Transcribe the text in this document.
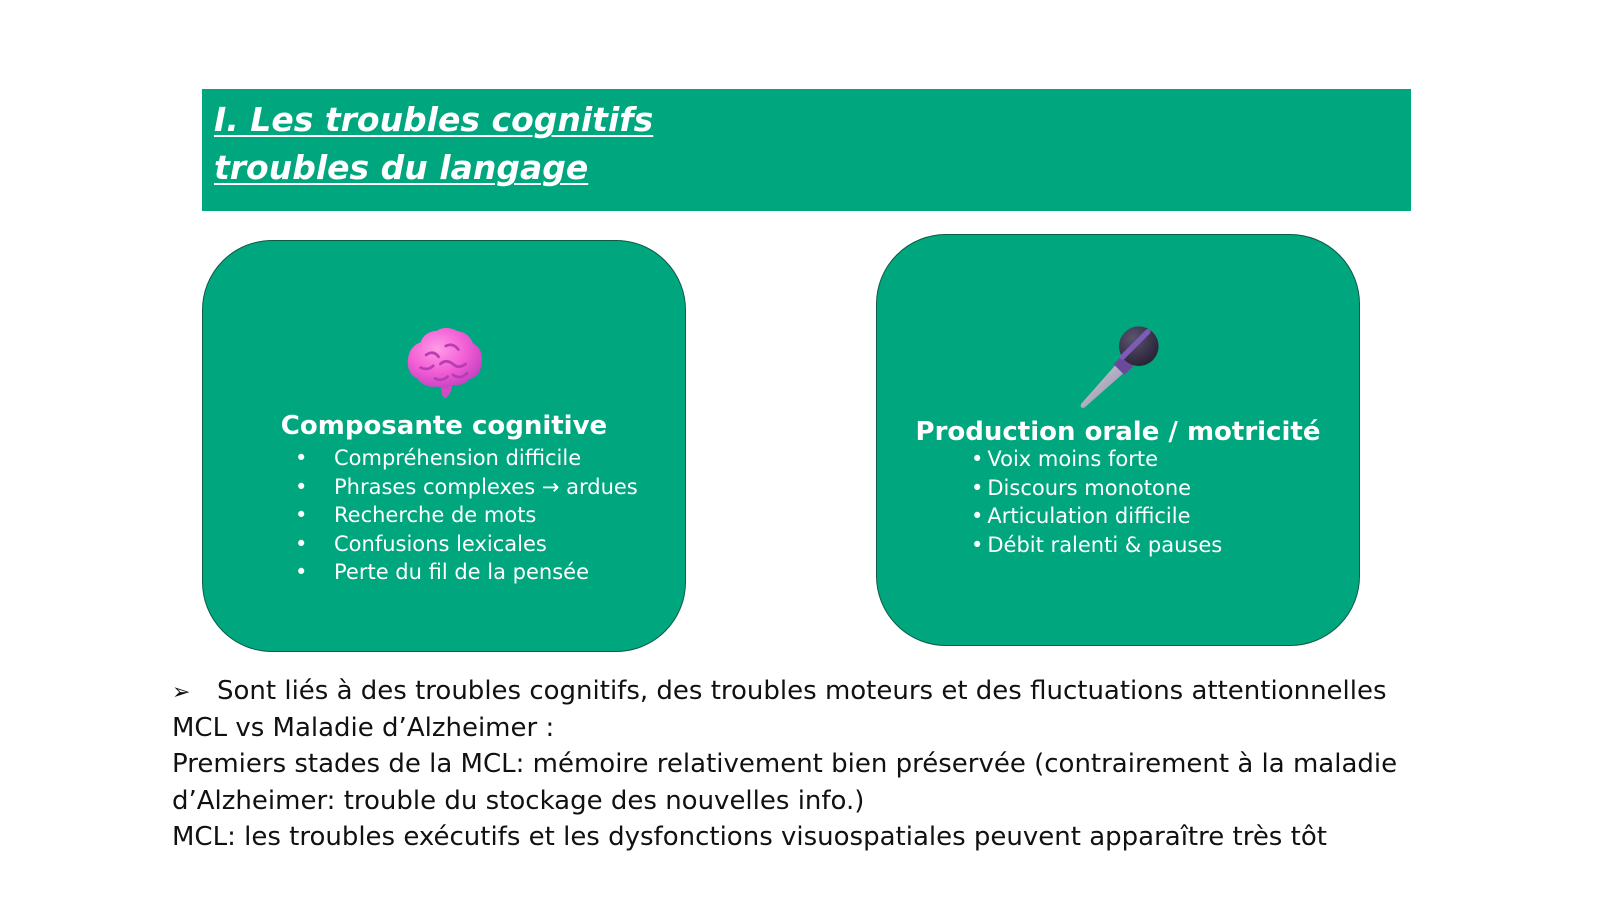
I. Les troubles cognitifs
troubles du langage
Composante cognitive
• Compréhension difficile
• Phrases complexes → ardues
• Recherche de mots
• Confusions lexicales
• Perte du fil de la pensée
Production orale / motricité
• Voix moins forte
• Discours monotone
• Articulation difficile
• Débit ralenti & pauses
➢ Sont liés à des troubles cognitifs, des troubles moteurs et des fluctuations attentionnelles
MCL vs Maladie d’Alzheimer :
Premiers stades de la MCL: mémoire relativement bien préservée (contrairement à la maladie
d’Alzheimer: trouble du stockage des nouvelles info.)
MCL: les troubles exécutifs et les dysfonctions visuospatiales peuvent apparaître très tôt
